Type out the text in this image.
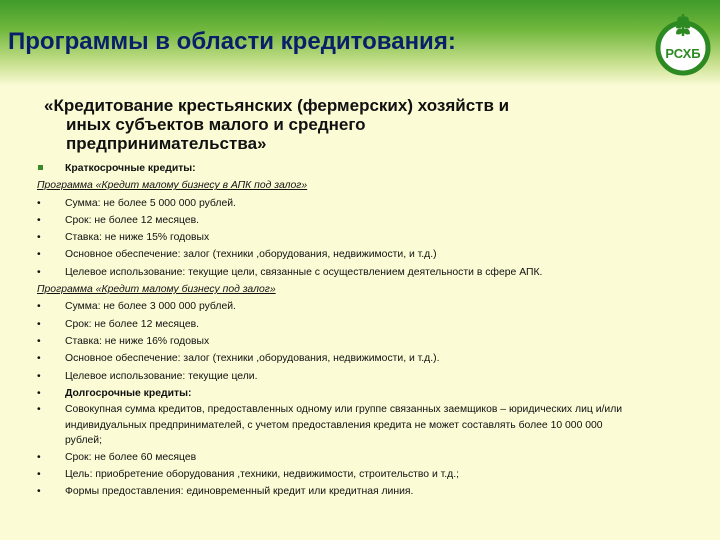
Программы в области кредитования:	РСХБ
«Кредитование крестьянских (фермерских) хозяйств и
иных субъектов малого и среднего
предпринимательства»
Краткосрочные кредиты:
Программа «Кредит малому бизнесу в АПК под залог»
•	Сумма: не более 5 000 000 рублей.
•	Срок: не более 12 месяцев.
•	Ставка: не ниже 15% годовых
•	Основное обеспечение: залог (техники ,оборудования, недвижимости, и т.д.)
•	Целевое использование: текущие цели, связанные с осуществлением деятельности в сфере АПК.
Программа «Кредит малому бизнесу под залог»
•	Сумма: не более 3 000 000 рублей.
•	Срок: не более 12 месяцев.
•	Ставка: не ниже 16% годовых
•	Основное обеспечение: залог (техники ,оборудования, недвижимости, и т.д.).
•	Целевое использование: текущие цели.
•	Долгосрочные кредиты:
•	Совокупная сумма кредитов, предоставленных одному или группе связанных заемщиков – юридических лиц и/или индивидуальных предпринимателей, с учетом предоставления кредита не может составлять более 10 000 000 рублей;
•	Срок: не более 60 месяцев
•	Цель: приобретение оборудования ,техники, недвижимости, строительство и т.д.;
•	Формы предоставления: единовременный кредит или кредитная линия.
